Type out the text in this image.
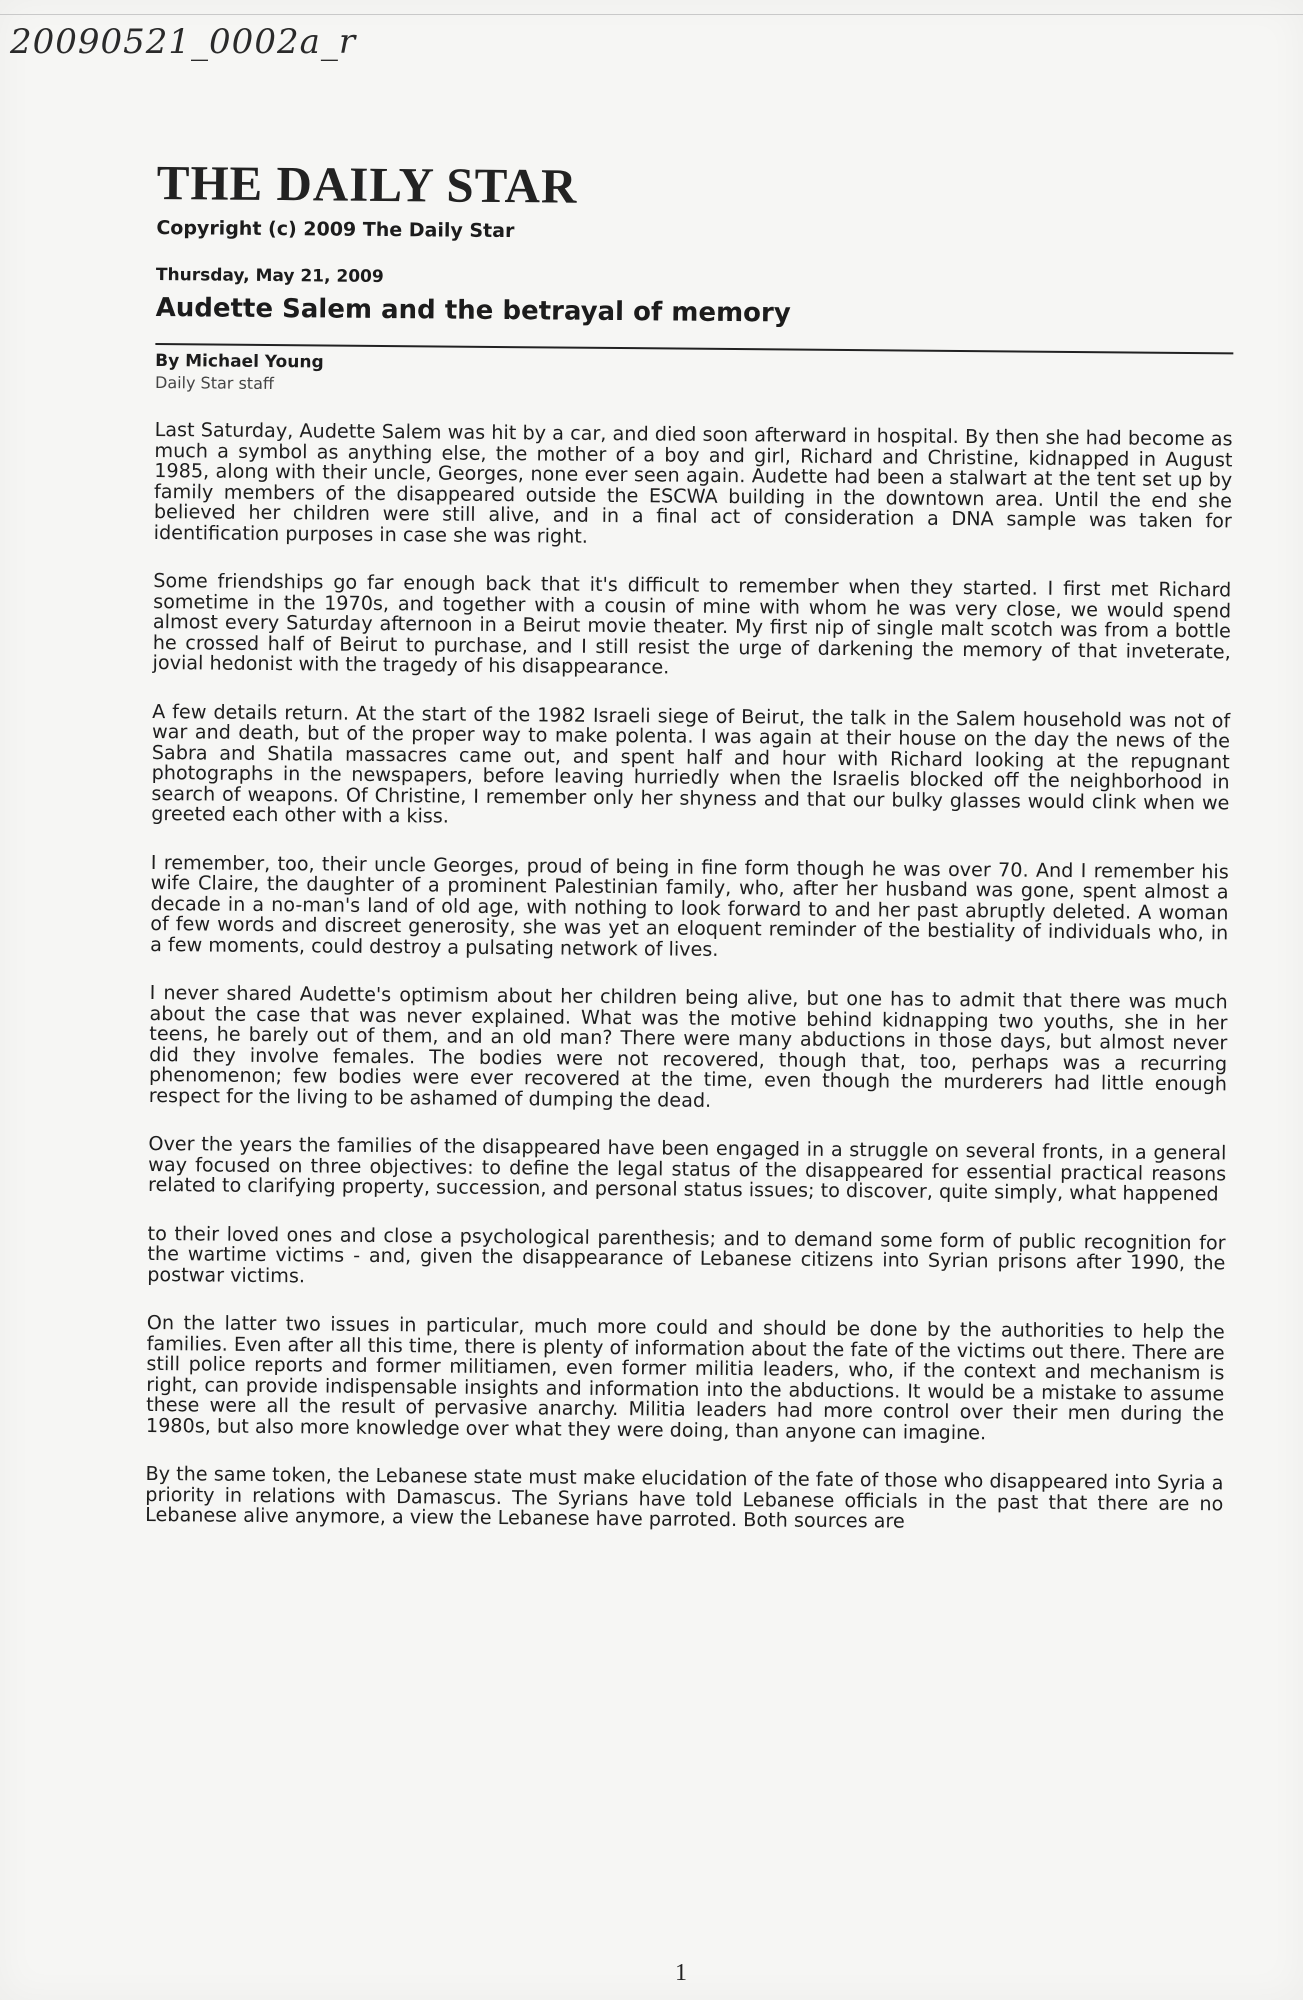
20090521_0002a_r
THE DAILY STAR
Copyright (c) 2009 The Daily Star
Thursday, May 21, 2009
Audette Salem and the betrayal of memory
By Michael Young
Daily Star staff

Last Saturday, Audette Salem was hit by a car, and died soon afterward in hospital. By then she had become as much a symbol as anything else, the mother of a boy and girl, Richard and Christine, kidnapped in August 1985, along with their uncle, Georges, none ever seen again. Audette had been a stalwart at the tent set up by family members of the disappeared outside the ESCWA building in the downtown area. Until the end she believed her children were still alive, and in a final act of consideration a DNA sample was taken for identification purposes in case she was right.

Some friendships go far enough back that it's difficult to remember when they started. I first met Richard sometime in the 1970s, and together with a cousin of mine with whom he was very close, we would spend almost every Saturday afternoon in a Beirut movie theater. My first nip of single malt scotch was from a bottle he crossed half of Beirut to purchase, and I still resist the urge of darkening the memory of that inveterate, jovial hedonist with the tragedy of his disappearance.

A few details return. At the start of the 1982 Israeli siege of Beirut, the talk in the Salem household was not of war and death, but of the proper way to make polenta. I was again at their house on the day the news of the Sabra and Shatila massacres came out, and spent half and hour with Richard looking at the repugnant photographs in the newspapers, before leaving hurriedly when the Israelis blocked off the neighborhood in search of weapons. Of Christine, I remember only her shyness and that our bulky glasses would clink when we greeted each other with a kiss.

I remember, too, their uncle Georges, proud of being in fine form though he was over 70. And I remember his wife Claire, the daughter of a prominent Palestinian family, who, after her husband was gone, spent almost a decade in a no-man's land of old age, with nothing to look forward to and her past abruptly deleted. A woman of few words and discreet generosity, she was yet an eloquent reminder of the bestiality of individuals who, in a few moments, could destroy a pulsating network of lives.

I never shared Audette's optimism about her children being alive, but one has to admit that there was much about the case that was never explained. What was the motive behind kidnapping two youths, she in her teens, he barely out of them, and an old man? There were many abductions in those days, but almost never did they involve females. The bodies were not recovered, though that, too, perhaps was a recurring phenomenon; few bodies were ever recovered at the time, even though the murderers had little enough respect for the living to be ashamed of dumping the dead.

Over the years the families of the disappeared have been engaged in a struggle on several fronts, in a general way focused on three objectives: to define the legal status of the disappeared for essential practical reasons related to clarifying property, succession, and personal status issues; to discover, quite simply, what happened

to their loved ones and close a psychological parenthesis; and to demand some form of public recognition for the wartime victims - and, given the disappearance of Lebanese citizens into Syrian prisons after 1990, the postwar victims.

On the latter two issues in particular, much more could and should be done by the authorities to help the families. Even after all this time, there is plenty of information about the fate of the victims out there. There are still police reports and former militiamen, even former militia leaders, who, if the context and mechanism is right, can provide indispensable insights and information into the abductions. It would be a mistake to assume these were all the result of pervasive anarchy. Militia leaders had more control over their men during the 1980s, but also more knowledge over what they were doing, than anyone can imagine.

By the same token, the Lebanese state must make elucidation of the fate of those who disappeared into Syria a priority in relations with Damascus. The Syrians have told Lebanese officials in the past that there are no Lebanese alive anymore, a view the Lebanese have parroted. Both sources are

1
